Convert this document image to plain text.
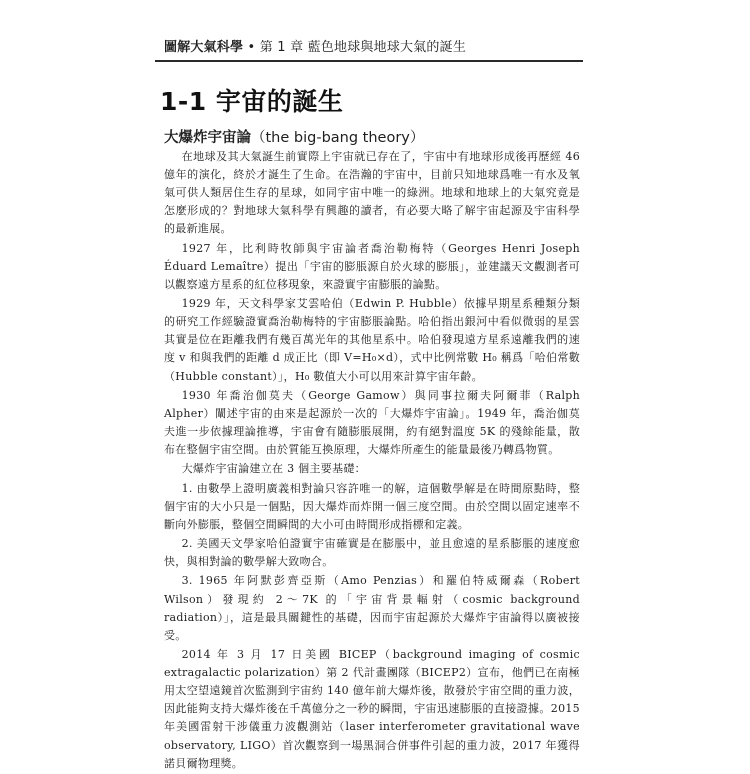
圖解大氣科學 • 第 1 章 藍色地球與地球大氣的誕生
1-1 宇宙的誕生
大爆炸宇宙論（the big-bang theory）

在地球及其大氣誕生前實際上宇宙就已存在了，宇宙中有地球形成後再歷經 46 億年的演化，終於才誕生了生命。在浩瀚的宇宙中，目前只知地球爲唯一有水及氧氣可供人類居住生存的星球，如同宇宙中唯一的綠洲。地球和地球上的大氣究竟是怎麼形成的？對地球大氣科學有興趣的讀者，有必要大略了解宇宙起源及宇宙科學的最新進展。

1927 年，比利時牧師與宇宙論者喬治勒梅特（Georges Henri Joseph Éduard Lemaître）提出「宇宙的膨脹源自於火球的膨脹」，並建議天文觀測者可以觀察遠方星系的紅位移現象，來證實宇宙膨脹的論點。

1929 年，天文科學家艾雲哈伯（Edwin P. Hubble）依據早期星系種類分類的研究工作經驗證實喬治勒梅特的宇宙膨脹論點。哈伯指出銀河中看似微弱的星雲其實是位在距離我們有幾百萬光年的其他星系中。哈伯發現遠方星系遠離我們的速度 v 和與我們的距離 d 成正比（即 V=H₀×d），式中比例常數 H₀ 稱爲「哈伯常數（Hubble constant）」，H₀ 數值大小可以用來計算宇宙年齡。

1930 年喬治伽莫夫（George Gamow）與同事拉爾夫阿爾菲（Ralph Alpher）闡述宇宙的由來是起源於一次的「大爆炸宇宙論」。1949 年，喬治伽莫夫進一步依據理論推導，宇宙會有隨膨脹展開，約有絕對溫度 5K 的殘餘能量，散布在整個宇宙空間。由於質能互換原理，大爆炸所產生的能量最後乃轉爲物質。

大爆炸宇宙論建立在 3 個主要基礎：

1. 由數學上證明廣義相對論只容許唯一的解，這個數學解是在時間原點時，整個宇宙的大小只是一個點，因大爆炸而炸開一個三度空間。由於空間以固定速率不斷向外膨脹，整個空間瞬間的大小可由時間形成指標和定義。

2. 美國天文學家哈伯證實宇宙確實是在膨脹中，並且愈遠的星系膨脹的速度愈快，與相對論的數學解大致吻合。

3. 1965 年阿默彭齊亞斯（Amo Penzias）和羅伯特威爾森（Robert Wilson）發現約 2～7K 的「宇宙背景輻射（cosmic background radiation）」，這是最具關鍵性的基礎，因而宇宙起源於大爆炸宇宙論得以廣被接受。

2014 年 3 月 17 日美國 BICEP（background imaging of cosmic extragalactic polarization）第 2 代計畫團隊（BICEP2）宣布，他們已在南極用太空望遠鏡首次監測到宇宙約 140 億年前大爆炸後，散發於宇宙空間的重力波，因此能夠支持大爆炸後在千萬億分之一秒的瞬間，宇宙迅速膨脹的直接證據。2015 年美國雷射干涉儀重力波觀測站（laser interferometer gravitational wave observatory, LIGO）首次觀察到一場黑洞合併事件引起的重力波，2017 年獲得諾貝爾物理獎。
